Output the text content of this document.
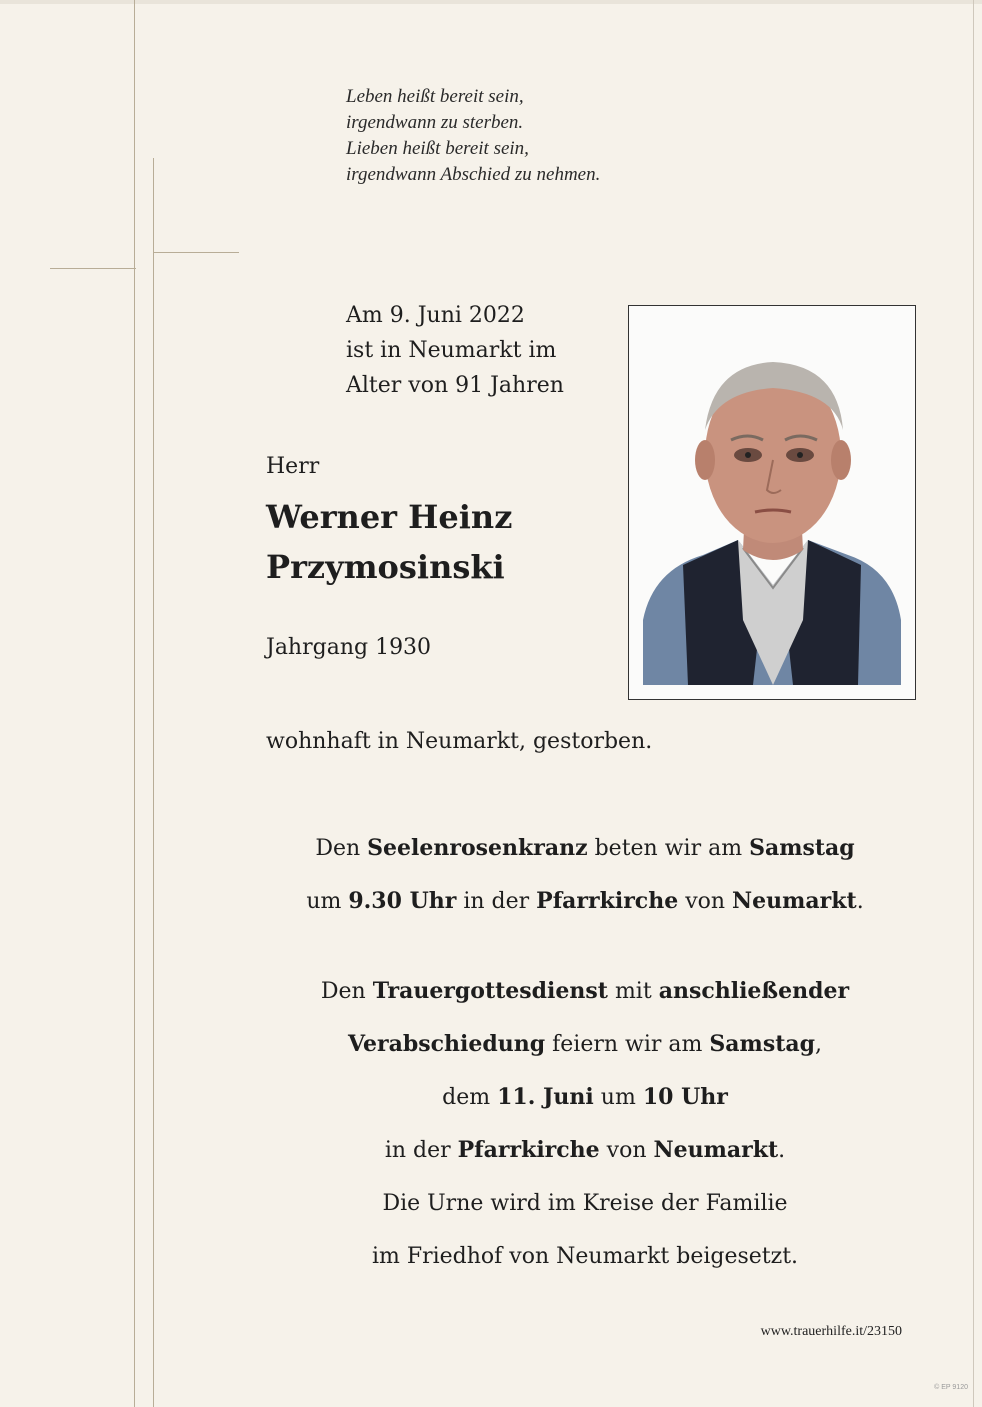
Leben heißt bereit sein,
irgendwann zu sterben.
Lieben heißt bereit sein,
irgendwann Abschied zu nehmen.
Am 9. Juni 2022
ist in Neumarkt im
Alter von 91 Jahren
Herr
Werner Heinz
Przymosinski
Jahrgang 1930
wohnhaft in Neumarkt, gestorben.
Den Seelenrosenkranz beten wir am Samstag
um 9.30 Uhr in der Pfarrkirche von Neumarkt.
Den Trauergottesdienst mit anschließender
Verabschiedung feiern wir am Samstag,
dem 11. Juni um 10 Uhr
in der Pfarrkirche von Neumarkt.
Die Urne wird im Kreise der Familie
im Friedhof von Neumarkt beigesetzt.
www.trauerhilfe.it/23150
© EP 9120
